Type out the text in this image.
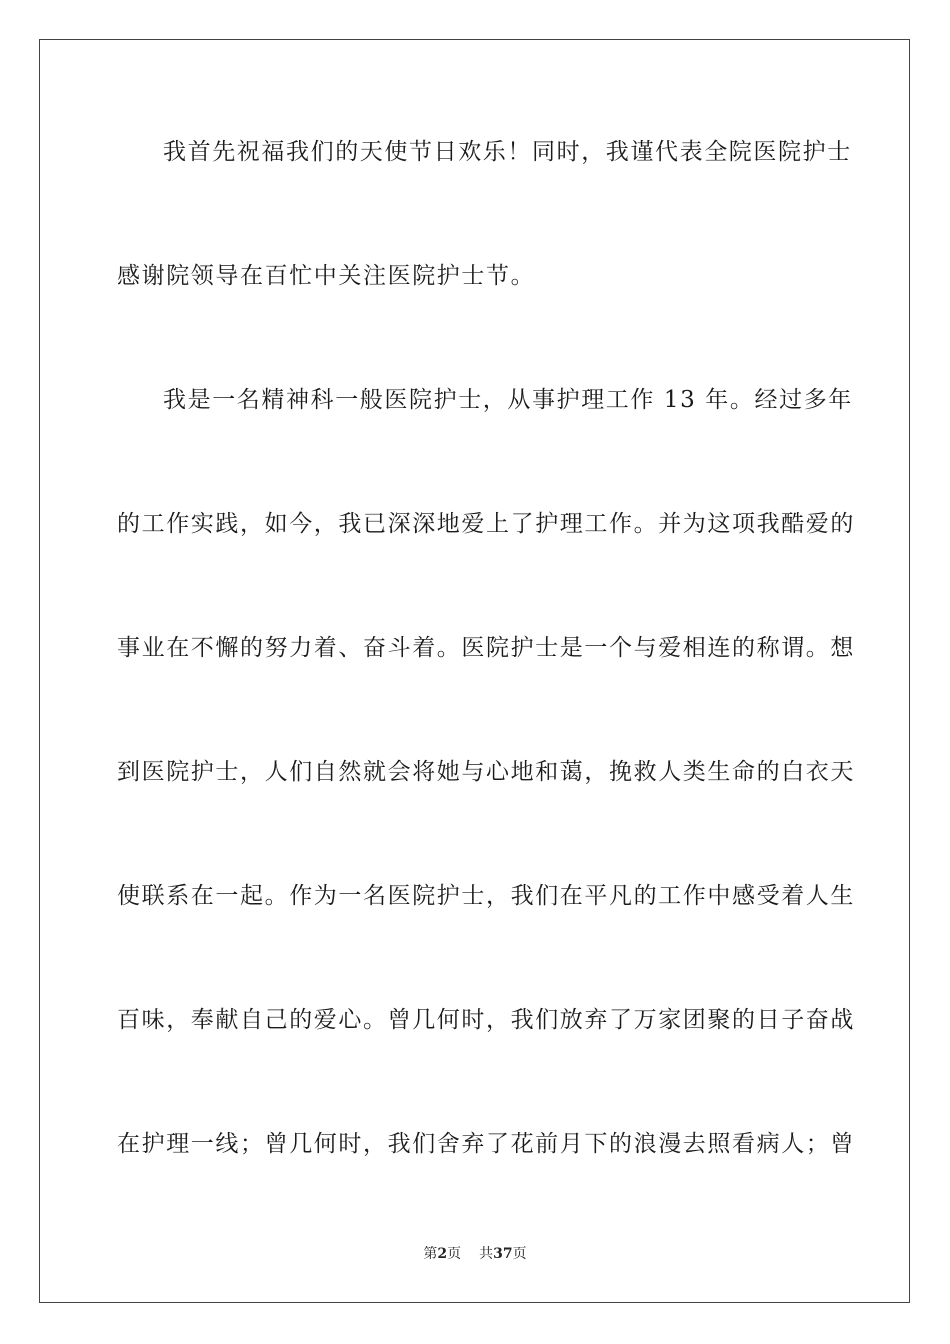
我首先祝福我们的天使节日欢乐！同时，我谨代表全院医院护士
感谢院领导在百忙中关注医院护士节。
我是一名精神科一般医院护士，从事护理工作 13 年。经过多年
的工作实践，如今，我已深深地爱上了护理工作。并为这项我酷爱的
事业在不懈的努力着、奋斗着。医院护士是一个与爱相连的称谓。想
到医院护士，人们自然就会将她与心地和蔼，挽救人类生命的白衣天
使联系在一起。作为一名医院护士，我们在平凡的工作中感受着人生
百味，奉献自己的爱心。曾几何时，我们放弃了万家团聚的日子奋战
在护理一线；曾几何时，我们舍弃了花前月下的浪漫去照看病人；曾
第2页 共37页
